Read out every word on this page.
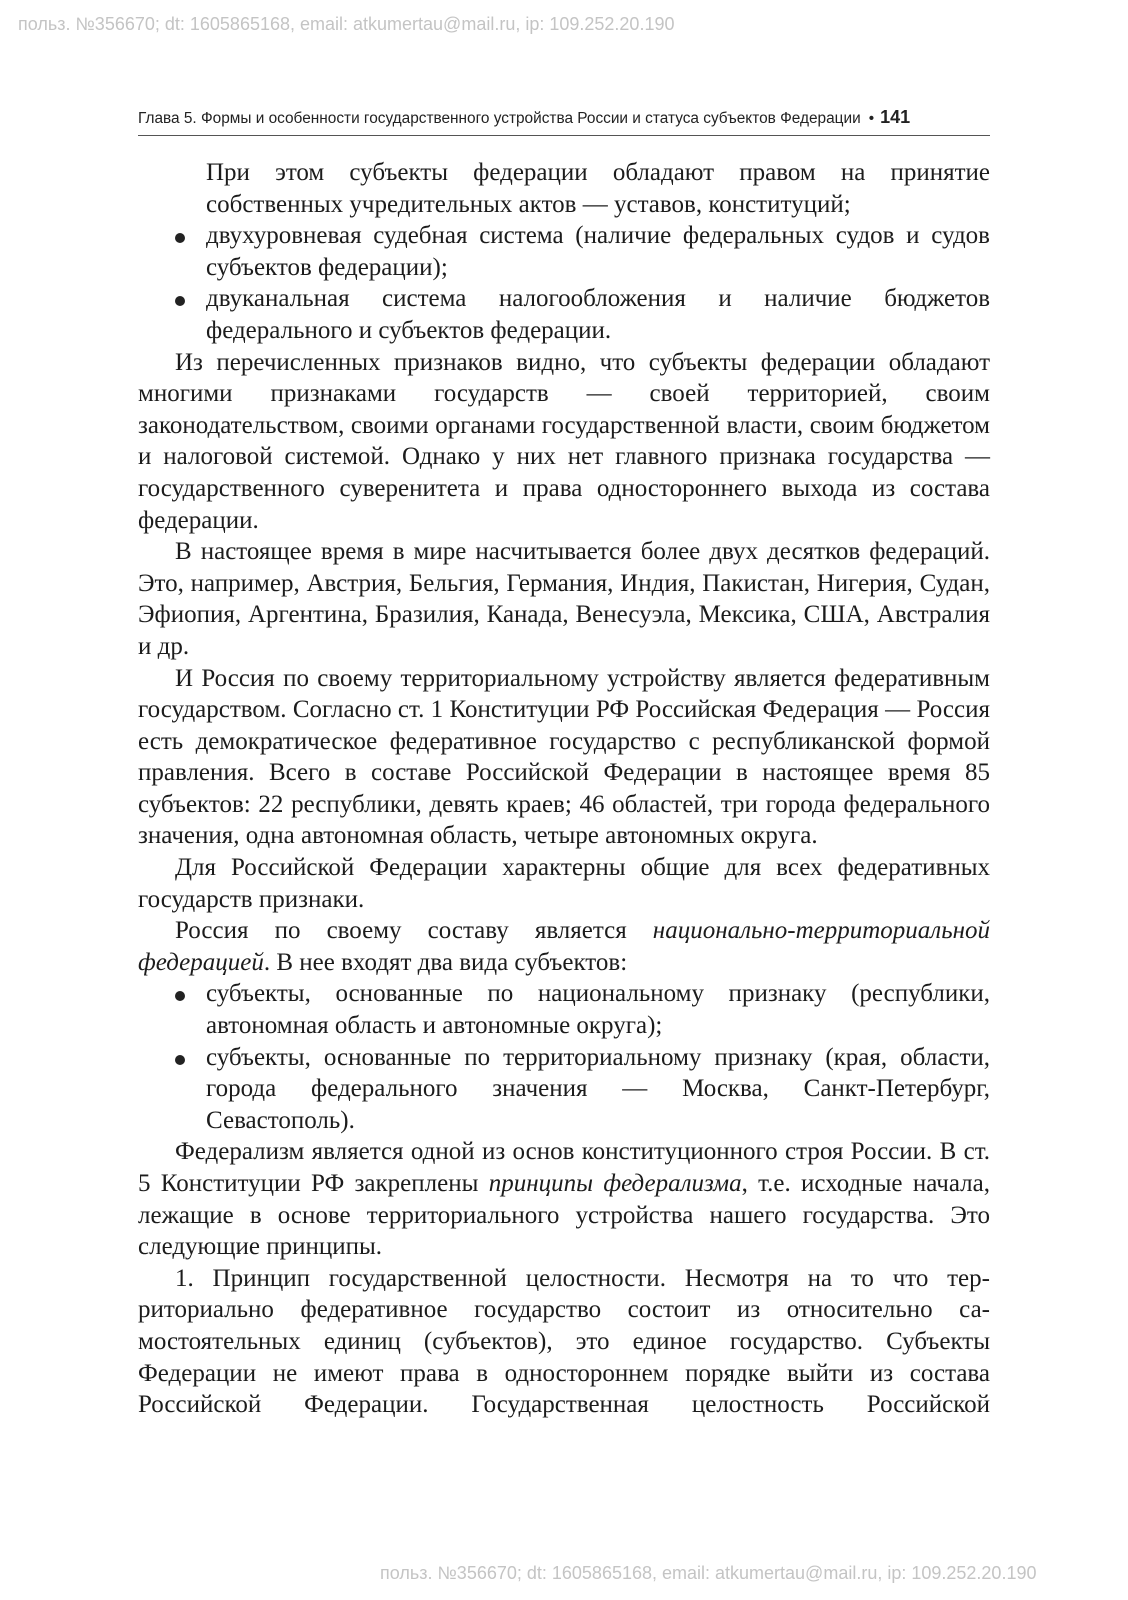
польз. №356670; dt: 1605865168, email: atkumertau@mail.ru, ip: 109.252.20.190
Глава 5. Формы и особенности государственного устройства России и статуса субъектов Федерации • 141

При этом субъекты федерации обладают правом на принятие собственных учредительных актов — уставов, конституций;

двухуровневая судебная система (наличие федеральных судов и судов субъектов федерации);
двуканальная система налогообложения и наличие бюджетов федерального и субъектов федерации.

Из перечисленных признаков видно, что субъекты федерации обладают многими признаками государств — своей территорией, своим законодательством, своими органами государственной власти, своим бюджетом и налоговой системой. Однако у них нет главного признака государства — государственного суверенитета и права одностороннего выхода из состава федерации.

В настоящее время в мире насчитывается более двух десятков федераций. Это, например, Австрия, Бельгия, Германия, Индия, Пакистан, Нигерия, Судан, Эфиопия, Аргентина, Бразилия, Канада, Венесуэла, Мексика, США, Австралия и др.

И Россия по своему территориальному устройству является федеративным государством. Согласно ст. 1 Конституции РФ Российская Федерация — Россия есть демократическое федеративное государство с республиканской формой правления. Всего в составе Российской Федерации в настоящее время 85 субъектов: 22 республики, девять краев; 46 областей, три города федерального значения, одна автономная область, четыре автономных округа.

Для Российской Федерации характерны общие для всех федеративных государств признаки.

Россия по своему составу является национально-территориальной федерацией. В нее входят два вида субъектов:

субъекты, основанные по национальному признаку (республики, автономная область и автономные округа);
субъекты, основанные по территориальному признаку (края, области, города федерального значения — Москва, Санкт-Петербург, Севастополь).

Федерализм является одной из основ конституционного строя России. В ст. 5 Конституции РФ закреплены принципы федерализма, т.е. исходные начала, лежащие в основе территориального устройства нашего государства. Это следующие принципы.

1. Принцип государственной целостности. Несмотря на то что территориально федеративное государство состоит из относительно самостоятельных единиц (субъектов), это единое государство. Субъекты Федерации не имеют права в одностороннем порядке выйти из состава Российской Федерации. Государственная целостность Российской

польз. №356670; dt: 1605865168, email: atkumertau@mail.ru, ip: 109.252.20.190
